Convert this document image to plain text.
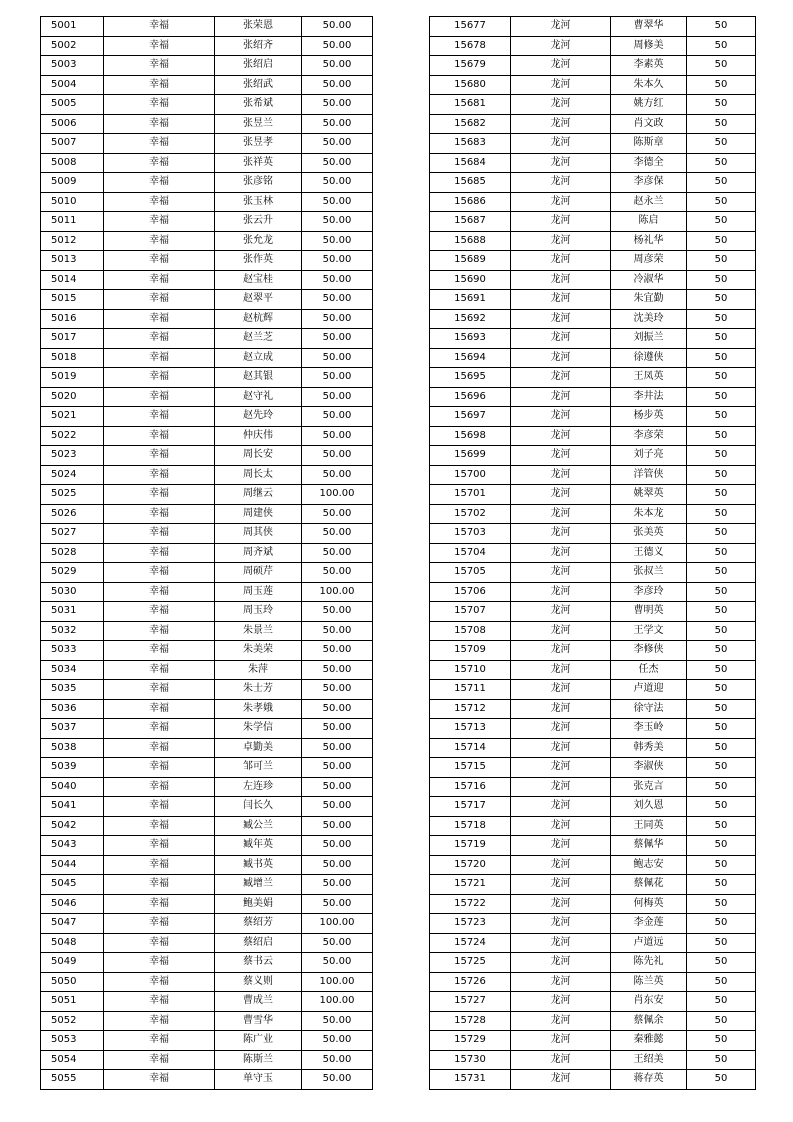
5001	幸福	张荣恩	50.00
5002	幸福	张绍齐	50.00
5003	幸福	张绍启	50.00
5004	幸福	张绍武	50.00
5005	幸福	张希斌	50.00
5006	幸福	张昱兰	50.00
5007	幸福	张昱孝	50.00
5008	幸福	张祥英	50.00
5009	幸福	张彦铭	50.00
5010	幸福	张玉林	50.00
5011	幸福	张云升	50.00
5012	幸福	张允龙	50.00
5013	幸福	张作英	50.00
5014	幸福	赵宝桂	50.00
5015	幸福	赵翠平	50.00
5016	幸福	赵杭辉	50.00
5017	幸福	赵兰芝	50.00
5018	幸福	赵立成	50.00
5019	幸福	赵其银	50.00
5020	幸福	赵守礼	50.00
5021	幸福	赵先玲	50.00
5022	幸福	仲庆伟	50.00
5023	幸福	周长安	50.00
5024	幸福	周长太	50.00
5025	幸福	周继云	100.00
5026	幸福	周建侠	50.00
5027	幸福	周其侠	50.00
5028	幸福	周齐斌	50.00
5029	幸福	周硕芹	50.00
5030	幸福	周玉莲	100.00
5031	幸福	周玉玲	50.00
5032	幸福	朱景兰	50.00
5033	幸福	朱美荣	50.00
5034	幸福	朱萍	50.00
5035	幸福	朱士芳	50.00
5036	幸福	朱孝娥	50.00
5037	幸福	朱学信	50.00
5038	幸福	卓勤美	50.00
5039	幸福	邹可兰	50.00
5040	幸福	左连珍	50.00
5041	幸福	闫长久	50.00
5042	幸福	臧公兰	50.00
5043	幸福	臧年英	50.00
5044	幸福	臧书英	50.00
5045	幸福	臧增兰	50.00
5046	幸福	鲍美娟	50.00
5047	幸福	蔡绍芳	100.00
5048	幸福	蔡绍启	50.00
5049	幸福	蔡书云	50.00
5050	幸福	蔡义则	100.00
5051	幸福	曹成兰	100.00
5052	幸福	曹雪华	50.00
5053	幸福	陈广业	50.00
5054	幸福	陈斯兰	50.00
5055	幸福	单守玉	50.00
15677	龙河	曹翠华	50
15678	龙河	周修美	50
15679	龙河	李素英	50
15680	龙河	朱本久	50
15681	龙河	姚方红	50
15682	龙河	肖文政	50
15683	龙河	陈斯章	50
15684	龙河	李德全	50
15685	龙河	李彦保	50
15686	龙河	赵永兰	50
15687	龙河	陈启	50
15688	龙河	杨礼华	50
15689	龙河	周彦荣	50
15690	龙河	冷淑华	50
15691	龙河	朱宜勤	50
15692	龙河	沈美玲	50
15693	龙河	刘振兰	50
15694	龙河	徐遵侠	50
15695	龙河	王凤英	50
15696	龙河	李井法	50
15697	龙河	杨步英	50
15698	龙河	李彦荣	50
15699	龙河	刘子亮	50
15700	龙河	洋管侠	50
15701	龙河	姚翠英	50
15702	龙河	朱本龙	50
15703	龙河	张美英	50
15704	龙河	王德义	50
15705	龙河	张叔兰	50
15706	龙河	李彦玲	50
15707	龙河	曹明英	50
15708	龙河	王学文	50
15709	龙河	李修侠	50
15710	龙河	任杰	50
15711	龙河	卢道迎	50
15712	龙河	徐守法	50
15713	龙河	李玉岭	50
15714	龙河	韩秀美	50
15715	龙河	李淑侠	50
15716	龙河	张克言	50
15717	龙河	刘久恩	50
15718	龙河	王同英	50
15719	龙河	蔡佩华	50
15720	龙河	鲍志安	50
15721	龙河	蔡佩花	50
15722	龙河	何梅英	50
15723	龙河	李金莲	50
15724	龙河	卢道远	50
15725	龙河	陈先礼	50
15726	龙河	陈兰英	50
15727	龙河	肖东安	50
15728	龙河	蔡佩余	50
15729	龙河	秦雅懿	50
15730	龙河	王绍美	50
15731	龙河	蒋存英	50
